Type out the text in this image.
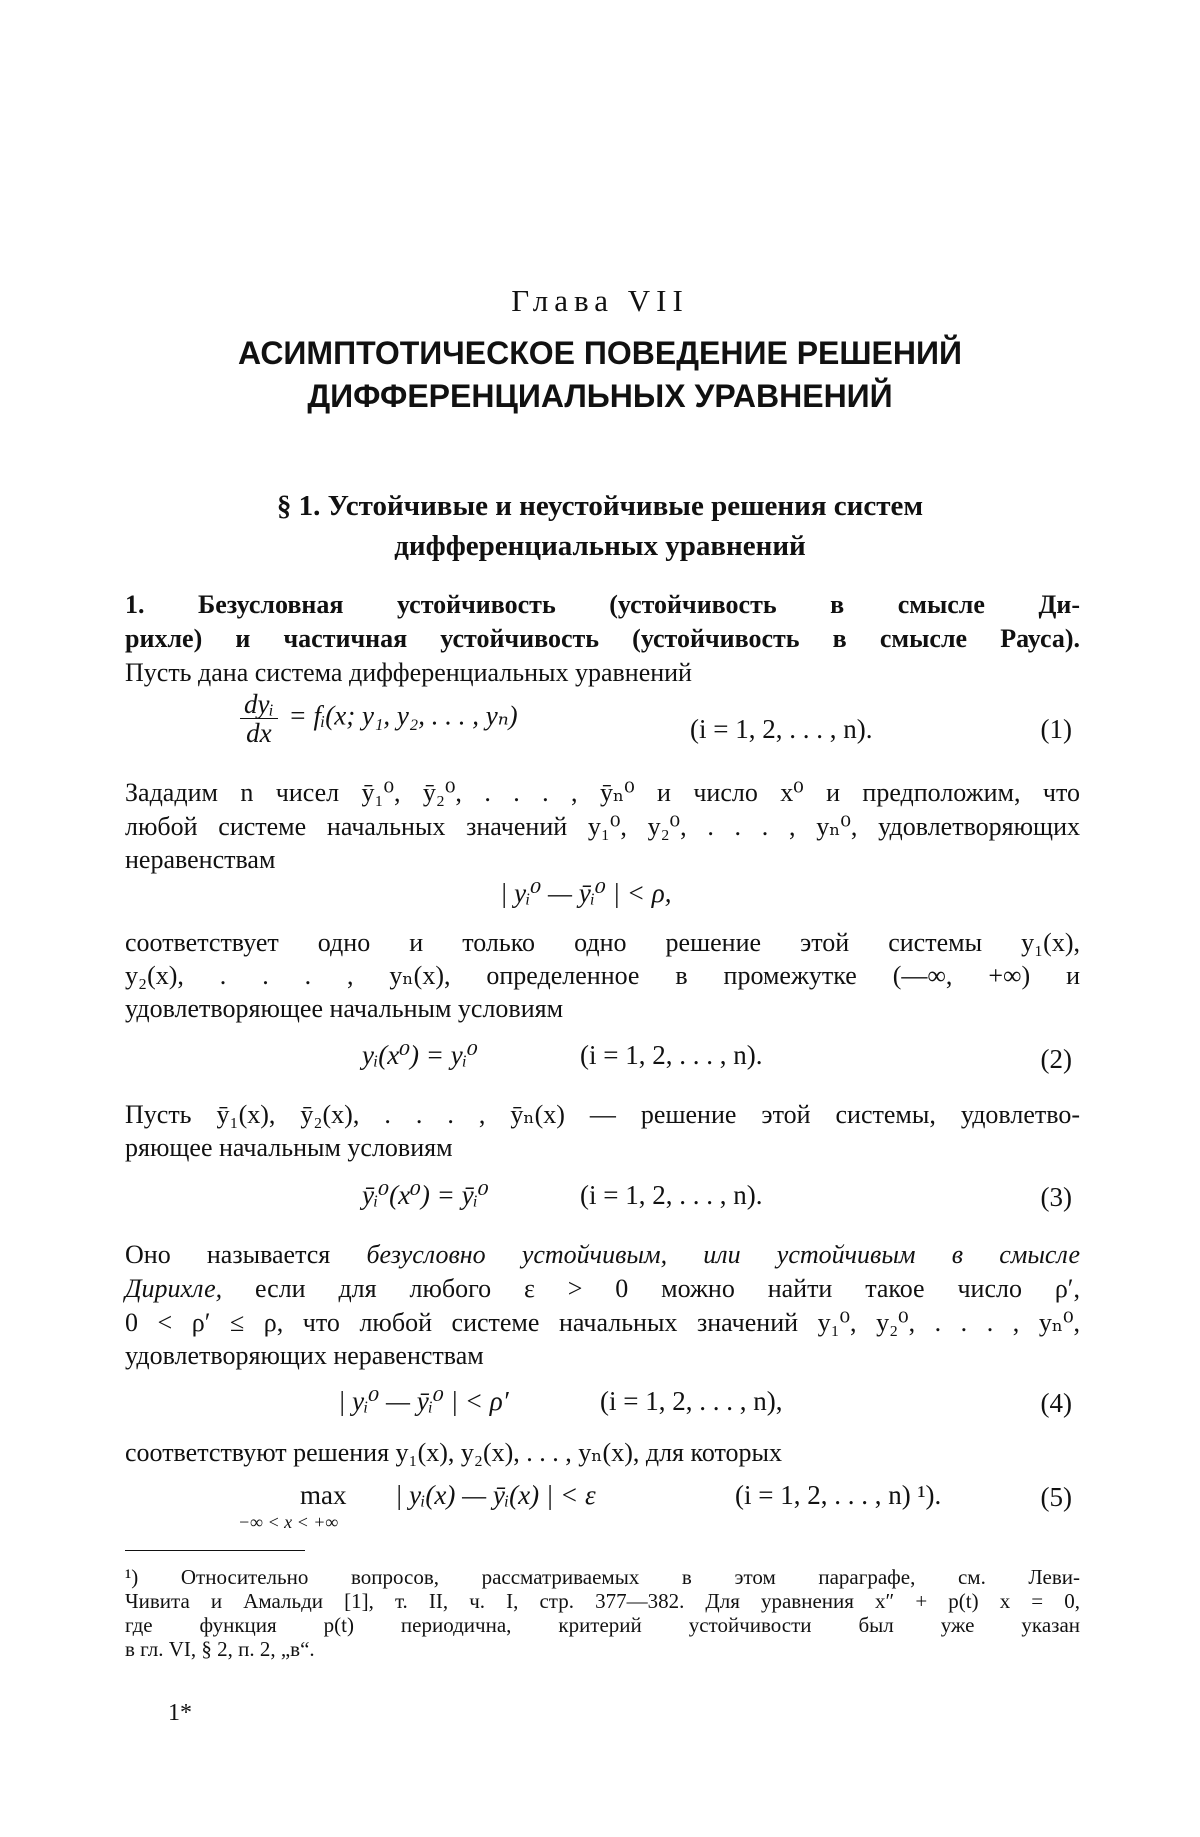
Глава VII
АСИМПТОТИЧЕСКОЕ ПОВЕДЕНИЕ РЕШЕНИЙ
ДИФФЕРЕНЦИАЛЬНЫХ УРАВНЕНИЙ
§ 1. Устойчивые и неустойчивые решения систем
дифференциальных уравнений
1. Безусловная устойчивость (устойчивость в смысле Ди-
рихле) и частичная устойчивость (устойчивость в смысле Рауса).
Пусть дана система дифференциальных уравнений
$\frac{\text{dyᵢ}}{dx}$ = fᵢ(x; y₁, y₂, . . . , yₙ)	(i = 1, 2, . . . , n).	(1)
Зададим n чисел ȳ₁⁰, ȳ₂⁰, . . . , ȳₙ⁰ и число x⁰ и предположим, что
любой системе начальных значений y₁⁰, y₂⁰, . . . , yₙ⁰, удовлетворяющих
неравенствам
| yᵢ⁰ — ȳᵢ⁰ | < ρ,
соответствует одно и только одно решение этой системы y₁(x),
y₂(x), . . . , yₙ(x), определенное в промежутке (—∞, +∞) и
удовлетворяющее начальным условиям
yᵢ(x⁰) = yᵢ⁰	(i = 1, 2, . . . , n).	(2)
Пусть ȳ₁(x), ȳ₂(x), . . . , ȳₙ(x) — решение этой системы, удовлетво-
ряющее начальным условиям
ȳᵢ⁰(x⁰) = ȳᵢ⁰	(i = 1, 2, . . . , n).	(3)
Оно называется безусловно устойчивым, или устойчивым в смысле
Дирихле, если для любого ε > 0 можно найти такое число ρ′,
0 < ρ′ ≤ ρ, что любой системе начальных значений y₁⁰, y₂⁰, . . . , yₙ⁰,
удовлетворяющих неравенствам
| yᵢ⁰ — ȳᵢ⁰ | < ρ′	(i = 1, 2, . . . , n),	(4)
соответствуют решения y₁(x), y₂(x), . . . , yₙ(x), для которых
max
−∞ < x < +∞
| yᵢ(x) — ȳᵢ(x) | < ε	(i = 1, 2, . . . , n) ¹).	(5)
¹) Относительно вопросов, рассматриваемых в этом параграфе, см. Леви-
Чивита и Амальди [1], т. II, ч. I, стр. 377—382. Для уравнения x″ + p(t) x = 0,
где функция p(t) периодична, критерий устойчивости был уже указан
в гл. VI, § 2, п. 2, „в“.
1*
